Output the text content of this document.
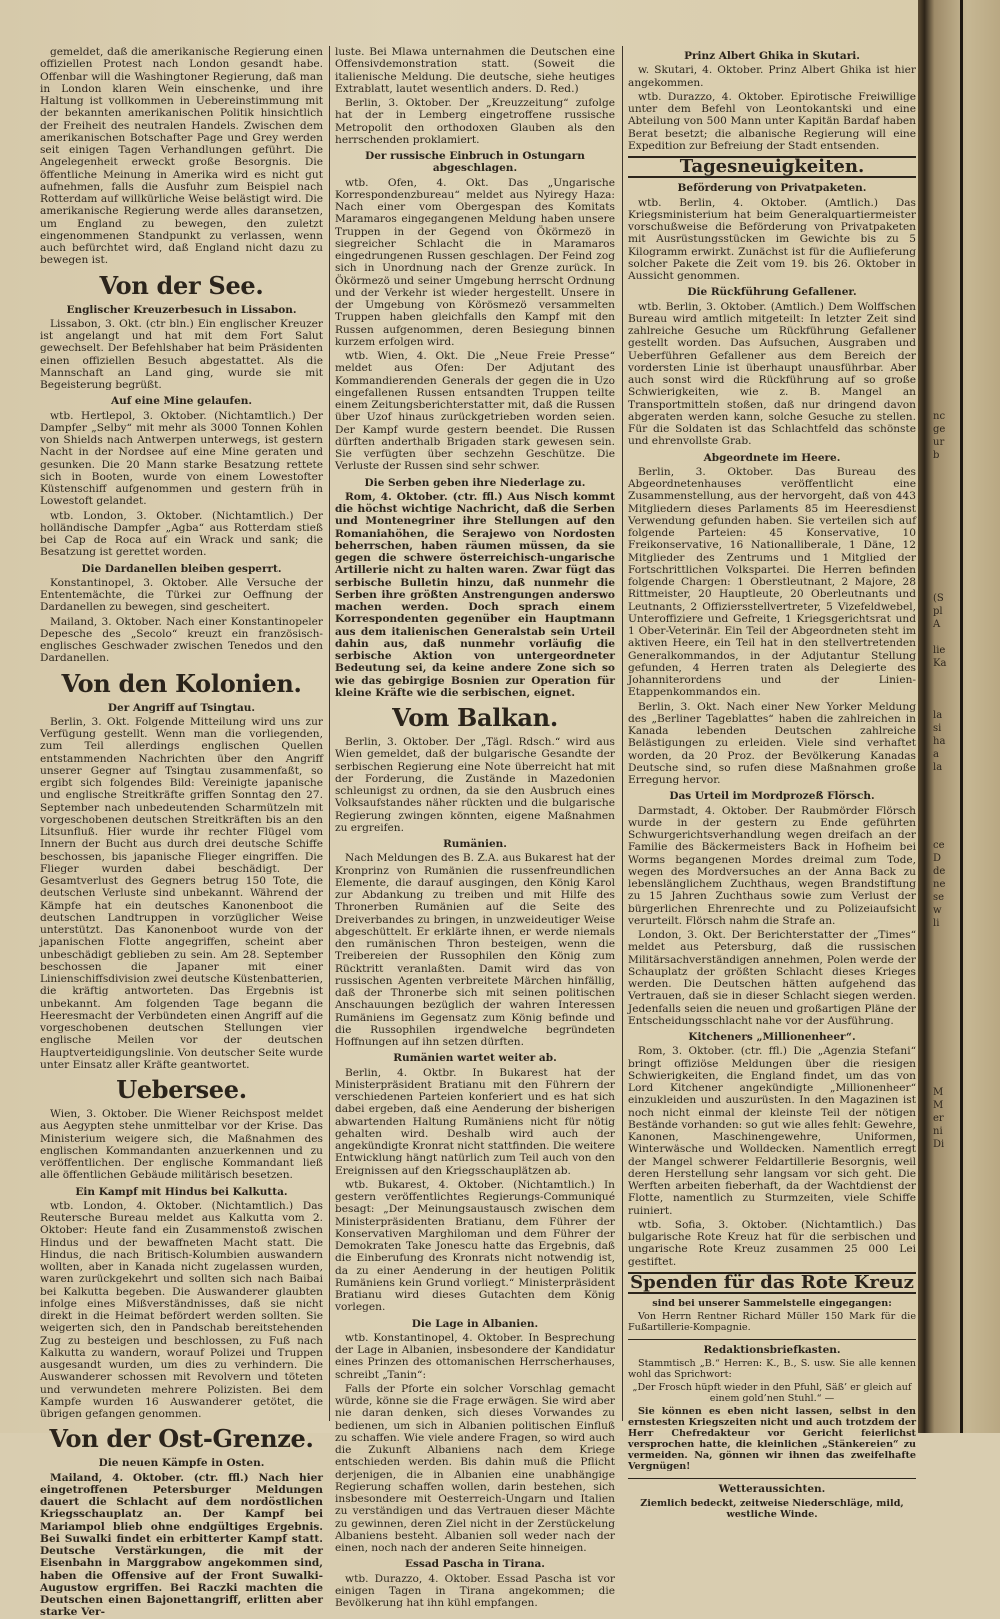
gemeldet, daß die amerikanische Regierung einen offiziellen Protest nach London gesandt habe. Offenbar will die Washingtoner Regierung, daß man in London klaren Wein einschenke, und ihre Haltung ist vollkommen in Uebereinstimmung mit der bekannten amerikanischen Politik hinsichtlich der Freiheit des neutralen Handels. Zwischen dem amerikanischen Botschafter Page und Grey werden seit einigen Tagen Verhandlungen geführt. Die Angelegenheit erweckt große Besorgnis. Die öffentliche Meinung in Amerika wird es nicht gut aufnehmen, falls die Ausfuhr zum Beispiel nach Rotterdam auf willkürliche Weise belästigt wird. Die amerikanische Regierung werde alles daransetzen, um England zu bewegen, den zuletzt eingenommenen Standpunkt zu verlassen, wenn auch befürchtet wird, daß England nicht dazu zu bewegen ist.

Von der See.
Englischer Kreuzerbesuch in Lissabon.

Lissabon, 3. Okt. (ctr bln.) Ein englischer Kreuzer ist angelangt und hat mit dem Fort Salut gewechselt. Der Befehlshaber hat beim Präsidenten einen offiziellen Besuch abgestattet. Als die Mannschaft an Land ging, wurde sie mit Begeisterung begrüßt.

Auf eine Mine gelaufen.

wtb. Hertlepol, 3. Oktober. (Nichtamtlich.) Der Dampfer „Selby“ mit mehr als 3000 Tonnen Kohlen von Shields nach Antwerpen unterwegs, ist gestern Nacht in der Nordsee auf eine Mine geraten und gesunken. Die 20 Mann starke Besatzung rettete sich in Booten, wurde von einem Lowestofter Küstenschiff aufgenommen und gestern früh in Lowestoft gelandet.

wtb. London, 3. Oktober. (Nichtamtlich.) Der holländische Dampfer „Agba“ aus Rotterdam stieß bei Cap de Roca auf ein Wrack und sank; die Besatzung ist gerettet worden.

Die Dardanellen bleiben gesperrt.

Konstantinopel, 3. Oktober. Alle Versuche der Ententemächte, die Türkei zur Oeffnung der Dardanellen zu bewegen, sind gescheitert.

Mailand, 3. Oktober. Nach einer Konstantinopeler Depesche des „Secolo“ kreuzt ein französisch-englisches Geschwader zwischen Tenedos und den Dardanellen.

Von den Kolonien.
Der Angriff auf Tsingtau.

Berlin, 3. Okt. Folgende Mitteilung wird uns zur Verfügung gestellt. Wenn man die vorliegenden, zum Teil allerdings englischen Quellen entstammenden Nachrichten über den Angriff unserer Gegner auf Tsingtau zusammenfaßt, so ergibt sich folgendes Bild: Vereinigte japanische und englische Streitkräfte griffen Sonntag den 27. September nach unbedeutenden Scharmützeln mit vorgeschobenen deutschen Streitkräften bis an den Litsunfluß. Hier wurde ihr rechter Flügel vom Innern der Bucht aus durch drei deutsche Schiffe beschossen, bis japanische Flieger eingriffen. Die Flieger wurden dabei beschädigt. Der Gesamtverlust des Gegners betrug 150 Tote, die deutschen Verluste sind unbekannt. Während der Kämpfe hat ein deutsches Kanonenboot die deutschen Landtruppen in vorzüglicher Weise unterstützt. Das Kanonenboot wurde von der japanischen Flotte angegriffen, scheint aber unbeschädigt geblieben zu sein. Am 28. September beschossen die Japaner mit einer Linienschiffsdivision zwei deutsche Küstenbatterien, die kräftig antworteten. Das Ergebnis ist unbekannt. Am folgenden Tage begann die Heeresmacht der Verbündeten einen Angriff auf die vorgeschobenen deutschen Stellungen vier englische Meilen vor der deutschen Hauptverteidigungslinie. Von deutscher Seite wurde unter Einsatz aller Kräfte geantwortet.

Uebersee.

Wien, 3. Oktober. Die Wiener Reichspost meldet aus Aegypten stehe unmittelbar vor der Krise. Das Ministerium weigere sich, die Maßnahmen des englischen Kommandanten anzuerkennen und zu veröffentlichen. Der englische Kommandant ließ alle öffentlichen Gebäude militärisch besetzen.

Ein Kampf mit Hindus bei Kalkutta.

wtb. London, 4. Oktober. (Nichtamtlich.) Das Reutersche Bureau meldet aus Kalkutta vom 2. Oktober: Heute fand ein Zusammenstoß zwischen Hindus und der bewaffneten Macht statt. Die Hindus, die nach Britisch-Kolumbien auswandern wollten, aber in Kanada nicht zugelassen wurden, waren zurückgekehrt und sollten sich nach Baibai bei Kalkutta begeben. Die Auswanderer glaubten infolge eines Mißverständnisses, daß sie nicht direkt in die Heimat befördert werden sollten. Sie weigerten sich, den in Pandschab bereitstehenden Zug zu besteigen und beschlossen, zu Fuß nach Kalkutta zu wandern, worauf Polizei und Truppen ausgesandt wurden, um dies zu verhindern. Die Auswanderer schossen mit Revolvern und töteten und verwundeten mehrere Polizisten. Bei dem Kampfe wurden 16 Auswanderer getötet, die übrigen gefangen genommen.

Von der Ost-Grenze.
Die neuen Kämpfe in Osten.

Mailand, 4. Oktober. (ctr. ffl.) Nach hier eingetroffenen Petersburger Meldungen dauert die Schlacht auf dem nordöstlichen Kriegsschauplatz an. Der Kampf bei Mariampol blieb ohne endgültiges Ergebnis. Bei Suwalki findet ein erbitterter Kampf statt. Deutsche Verstärkungen, die mit der Eisenbahn in Marggrabow angekommen sind, haben die Offensive auf der Front Suwalki-Augustow ergriffen. Bei Raczki machten die Deutschen einen Bajonettangriff, erlitten aber starke Ver-

luste. Bei Mlawa unternahmen die Deutschen eine Offensivdemonstration statt. (Soweit die italienische Meldung. Die deutsche, siehe heutiges Extrablatt, lautet wesentlich anders. D. Red.)

Berlin, 3. Oktober. Der „Kreuzzeitung“ zufolge hat der in Lemberg eingetroffene russische Metropolit den orthodoxen Glauben als den herrschenden proklamiert.

Der russische Einbruch in Ostungarn abgeschlagen.

wtb. Ofen, 4. Okt. Das „Ungarische Korrespondenzbureau“ meldet aus Nyiregy Haza: Nach einer vom Obergespan des Komitats Maramaros eingegangenen Meldung haben unsere Truppen in der Gegend von Ökörmezö in siegreicher Schlacht die in Maramaros eingedrungenen Russen geschlagen. Der Feind zog sich in Unordnung nach der Grenze zurück. In Ökörmezö und seiner Umgebung herrscht Ordnung und der Verkehr ist wieder hergestellt. Unsere in der Umgebung von Körösmezö versammelten Truppen haben gleichfalls den Kampf mit den Russen aufgenommen, deren Besiegung binnen kurzem erfolgen wird.

wtb. Wien, 4. Okt. Die „Neue Freie Presse“ meldet aus Ofen: Der Adjutant des Kommandierenden Generals der gegen die in Uzo eingefallenen Russen entsandten Truppen teilte einem Zeitungsberichterstatter mit, daß die Russen über Uzof hinaus zurückgetrieben worden seien. Der Kampf wurde gestern beendet. Die Russen dürften anderthalb Brigaden stark gewesen sein. Sie verfügten über sechzehn Geschütze. Die Verluste der Russen sind sehr schwer.

Die Serben geben ihre Niederlage zu.

Rom, 4. Oktober. (ctr. ffl.) Aus Nisch kommt die höchst wichtige Nachricht, daß die Serben und Montenegriner ihre Stellungen auf den Romaniahöhen, die Serajewo von Nordosten beherrschen, haben räumen müssen, da sie gegen die schwere österreichisch-ungarische Artillerie nicht zu halten waren. Zwar fügt das serbische Bulletin hinzu, daß nunmehr die Serben ihre größten Anstrengungen anderswo machen werden. Doch sprach einem Korrespondenten gegenüber ein Hauptmann aus dem italienischen Generalstab sein Urteil dahin aus, daß nunmehr vorläufig die serbische Aktion von untergeordneter Bedeutung sei, da keine andere Zone sich so wie das gebirgige Bosnien zur Operation für kleine Kräfte wie die serbischen, eignet.

Vom Balkan.

Berlin, 3. Oktober. Der „Tägl. Rdsch.“ wird aus Wien gemeldet, daß der bulgarische Gesandte der serbischen Regierung eine Note überreicht hat mit der Forderung, die Zustände in Mazedonien schleunigst zu ordnen, da sie den Ausbruch eines Volksaufstandes näher rückten und die bulgarische Regierung zwingen könnten, eigene Maßnahmen zu ergreifen.

Rumänien.

Nach Meldungen des B. Z.A. aus Bukarest hat der Kronprinz von Rumänien die russenfreundlichen Elemente, die darauf ausgingen, den König Karol zur Abdankung zu treiben und mit Hilfe des Thronerben Rumänien auf die Seite des Dreiverbandes zu bringen, in unzweideutiger Weise abgeschüttelt. Er erklärte ihnen, er werde niemals den rumänischen Thron besteigen, wenn die Treibereien der Russophilen den König zum Rücktritt veranlaßten. Damit wird das von russischen Agenten verbreitete Märchen hinfällig, daß der Thronerbe sich mit seinen politischen Anschauungen bezüglich der wahren Interessen Rumäniens im Gegensatz zum König befinde und die Russophilen irgendwelche begründeten Hoffnungen auf ihn setzen dürften.

Rumänien wartet weiter ab.

Berlin, 4. Oktbr. In Bukarest hat der Ministerpräsident Bratianu mit den Führern der verschiedenen Parteien konferiert und es hat sich dabei ergeben, daß eine Aenderung der bisherigen abwartenden Haltung Rumäniens nicht für nötig gehalten wird. Deshalb wird auch der angekündigte Kronrat nicht stattfinden. Die weitere Entwicklung hängt natürlich zum Teil auch von den Ereignissen auf den Kriegsschauplätzen ab.

wtb. Bukarest, 4. Oktober. (Nichtamtlich.) In gestern veröffentlichtes Regierungs-Communiqué besagt: „Der Meinungsaustausch zwischen dem Ministerpräsidenten Bratianu, dem Führer der Konservativen Marghiloman und dem Führer der Demokraten Take Jonescu hatte das Ergebnis, daß die Einberufung des Kronrats nicht notwendig ist, da zu einer Aenderung in der heutigen Politik Rumäniens kein Grund vorliegt.“ Ministerpräsident Bratianu wird dieses Gutachten dem König vorlegen.

Die Lage in Albanien.

wtb. Konstantinopel, 4. Oktober. In Besprechung der Lage in Albanien, insbesondere der Kandidatur eines Prinzen des ottomanischen Herrscherhauses, schreibt „Tanin“:

Falls der Pforte ein solcher Vorschlag gemacht würde, könne sie die Frage erwägen. Sie wird aber nie daran denken, sich dieses Vorwandes zu bedienen, um sich in Albanien politischen Einfluß zu schaffen. Wie viele andere Fragen, so wird auch die Zukunft Albaniens nach dem Kriege entschieden werden. Bis dahin muß die Pflicht derjenigen, die in Albanien eine unabhängige Regierung schaffen wollen, darin bestehen, sich insbesondere mit Oesterreich-Ungarn und Italien zu verständigen und das Vertrauen dieser Mächte zu gewinnen, deren Ziel nicht in der Zerstückelung Albaniens besteht. Albanien soll weder nach der einen, noch nach der anderen Seite hinneigen.

Essad Pascha in Tirana.

wtb. Durazzo, 4. Oktober. Essad Pascha ist vor einigen Tagen in Tirana angekommen; die Bevölkerung hat ihn kühl empfangen.

Prinz Albert Ghika in Skutari.

w. Skutari, 4. Oktober. Prinz Albert Ghika ist hier angekommen.

wtb. Durazzo, 4. Oktober. Epirotische Freiwillige unter dem Befehl von Leontokantski und eine Abteilung von 500 Mann unter Kapitän Bardaf haben Berat besetzt; die albanische Regierung will eine Expedition zur Befreiung der Stadt entsenden.

Tagesneuigkeiten.
Beförderung von Privatpaketen.

wtb. Berlin, 4. Oktober. (Amtlich.) Das Kriegsministerium hat beim Generalquartiermeister vorschußweise die Beförderung von Privatpaketen mit Ausrüstungsstücken im Gewichte bis zu 5 Kilogramm erwirkt. Zunächst ist für die Auflieferung solcher Pakete die Zeit vom 19. bis 26. Oktober in Aussicht genommen.

Die Rückführung Gefallener.

wtb. Berlin, 3. Oktober. (Amtlich.) Dem Wolffschen Bureau wird amtlich mitgeteilt: In letzter Zeit sind zahlreiche Gesuche um Rückführung Gefallener gestellt worden. Das Aufsuchen, Ausgraben und Ueberführen Gefallener aus dem Bereich der vordersten Linie ist überhaupt unausführbar. Aber auch sonst wird die Rückführung auf so große Schwierigkeiten, wie z. B. Mangel an Transportmitteln stoßen, daß nur dringend davon abgeraten werden kann, solche Gesuche zu stellen. Für die Soldaten ist das Schlachtfeld das schönste und ehrenvollste Grab.

Abgeordnete im Heere.

Berlin, 3. Oktober. Das Bureau des Abgeordnetenhauses veröffentlicht eine Zusammenstellung, aus der hervorgeht, daß von 443 Mitgliedern dieses Parlaments 85 im Heeresdienst Verwendung gefunden haben. Sie verteilen sich auf folgende Parteien: 45 Konservative, 10 Freikonservative, 16 Nationalliberale, 1 Däne, 12 Mitglieder des Zentrums und 1 Mitglied der Fortschrittlichen Volkspartei. Die Herren befinden folgende Chargen: 1 Oberstleutnant, 2 Majore, 28 Rittmeister, 20 Hauptleute, 20 Oberleutnants und Leutnants, 2 Offiziersstellvertreter, 5 Vizefeldwebel, Unteroffiziere und Gefreite, 1 Kriegsgerichtsrat und 1 Ober-Veterinär. Ein Teil der Abgeordneten steht im aktiven Heere, ein Teil hat in den stellvertretenden Generalkommandos, in der Adjutantur Stellung gefunden, 4 Herren traten als Delegierte des Johanniterordens und der Linien-Etappenkommandos ein.

Berlin, 3. Okt. Nach einer New Yorker Meldung des „Berliner Tageblattes“ haben die zahlreichen in Kanada lebenden Deutschen zahlreiche Belästigungen zu erleiden. Viele sind verhaftet worden, da 20 Proz. der Bevölkerung Kanadas Deutsche sind, so rufen diese Maßnahmen große Erregung hervor.

Das Urteil im Mordprozeß Flörsch.

Darmstadt, 4. Oktober. Der Raubmörder Flörsch wurde in der gestern zu Ende geführten Schwurgerichtsverhandlung wegen dreifach an der Familie des Bäckermeisters Back in Hofheim bei Worms begangenen Mordes dreimal zum Tode, wegen des Mordversuches an der Anna Back zu lebenslänglichem Zuchthaus, wegen Brandstiftung zu 15 Jahren Zuchthaus sowie zum Verlust der bürgerlichen Ehrenrechte und zu Polizeiaufsicht verurteilt. Flörsch nahm die Strafe an.

London, 3. Okt. Der Berichterstatter der „Times“ meldet aus Petersburg, daß die russischen Militärsachverständigen annehmen, Polen werde der Schauplatz der größten Schlacht dieses Krieges werden. Die Deutschen hätten aufgehend das Vertrauen, daß sie in dieser Schlacht siegen werden. Jedenfalls seien die neuen und großartigen Pläne der Entscheidungsschlacht nahe vor der Ausführung.

Kitcheners „Millionenheer“.

Rom, 3. Oktober. (ctr. ffl.) Die „Agenzia Stefani“ bringt offiziöse Meldungen über die riesigen Schwierigkeiten, die England findet, um das von Lord Kitchener angekündigte „Millionenheer“ einzukleiden und auszurüsten. In den Magazinen ist noch nicht einmal der kleinste Teil der nötigen Bestände vorhanden: so gut wie alles fehlt: Gewehre, Kanonen, Maschinengewehre, Uniformen, Winterwäsche und Wolldecken. Namentlich erregt der Mangel schwerer Feldartillerie Besorgnis, weil deren Herstellung sehr langsam vor sich geht. Die Werften arbeiten fieberhaft, da der Wachtdienst der Flotte, namentlich zu Sturmzeiten, viele Schiffe ruiniert.

wtb. Sofia, 3. Oktober. (Nichtamtlich.) Das bulgarische Rote Kreuz hat für die serbischen und ungarische Rote Kreuz zusammen 25 000 Lei gestiftet.

Spenden für das Rote Kreuz
sind bei unserer Sammelstelle eingegangen:

Von Herrn Rentner Richard Müller 150 Mark für die Fußartillerie-Kompagnie.

Redaktionsbriefkasten.

Stammtisch „B.“ Herren: K., B., S. usw. Sie alle kennen wohl das Sprichwort:

„Der Frosch hüpft wieder in den Pfuhl, Säß’ er gleich auf einem gold’nen Stuhl.“ —

Sie können es eben nicht lassen, selbst in den ernstesten Kriegszeiten nicht und auch trotzdem der Herr Chefredakteur vor Gericht feierlichst versprochen hatte, die kleinlichen „Stänkereien“ zu vermeiden. Na, gönnen wir ihnen das zweifelhafte Vergnügen!

Wetteraussichten.

Ziemlich bedeckt, zeitweise Niederschläge, mild, westliche Winde.

nc
ge
ur
b
(S
pl
A
lie
Ka
la
si
ha
a
la
ce
D
de
ne
se
w
li
M
M
er
ni
Di
